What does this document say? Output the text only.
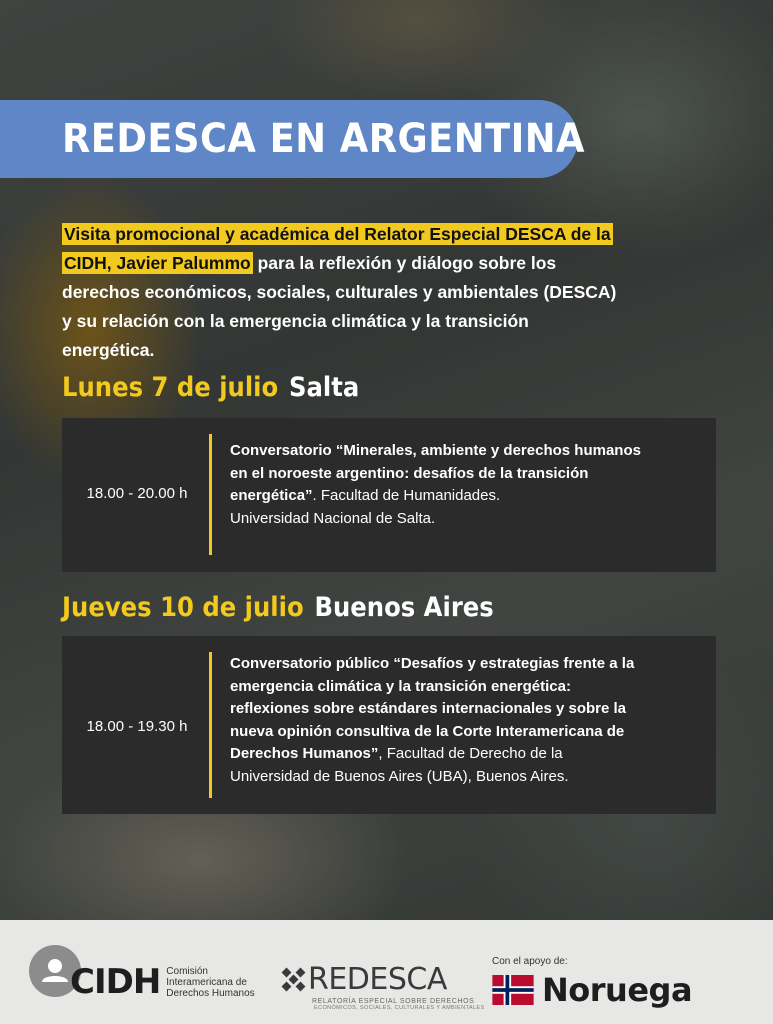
REDESCA EN ARGENTINA
Visita promocional y académica del Relator Especial DESCA de la
CIDH, Javier Palummo para la reflexión y diálogo sobre los
derechos económicos, sociales, culturales y ambientales (DESCA)
y su relación con la emergencia climática y la transición
energética.
Lunes 7 de julio Salta
18.00 - 20.00 h
Conversatorio “Minerales, ambiente y derechos humanos
en el noroeste argentino: desafíos de la transición
energética”. Facultad de Humanidades.
Universidad Nacional de Salta.
Jueves 10 de julio Buenos Aires
18.00 - 19.30 h
Conversatorio público “Desafíos y estrategias frente a la
emergencia climática y la transición energética:
reflexiones sobre estándares internacionales y sobre la
nueva opinión consultiva de la Corte Interamericana de
Derechos Humanos”, Facultad de Derecho de la
Universidad de Buenos Aires (UBA), Buenos Aires.
CIDH Comisión
Interamericana de
Derechos Humanos REDESCA
RELATORÍA ESPECIAL SOBRE DERECHOS
ECONÓMICOS, SOCIALES, CULTURALES Y AMBIENTALES
Con el apoyo de:
Noruega
